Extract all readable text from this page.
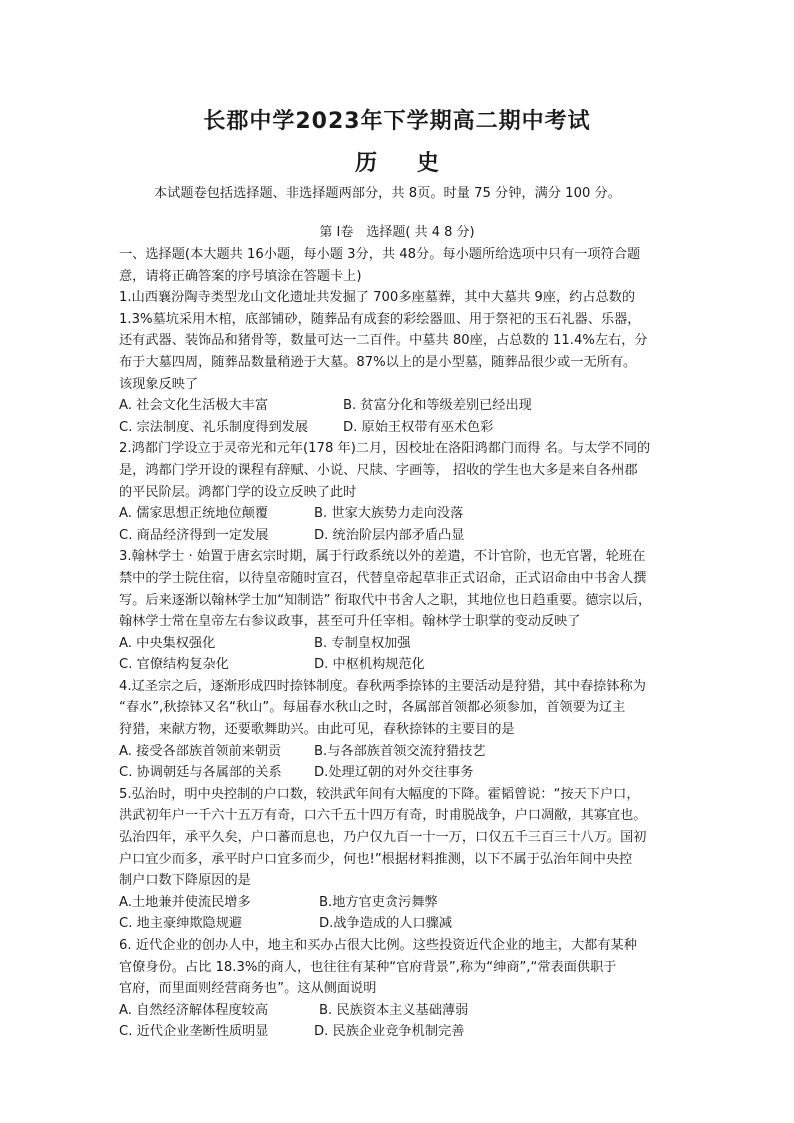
长郡中学2023年下学期高二期中考试
历 史
本试题卷包括选择题、非选择题两部分，共 8页。时量 75 分钟，满分 100 分。
第 Ⅰ卷　选择题( 共 4 8 分)
一、选择题(本大题共 16小题，每小题 3分，共 48分。每小题所给选项中只有一项符合题
意，请将正确答案的序号填涂在答题卡上)
1.山西襄汾陶寺类型龙山文化遗址共发掘了 700多座墓葬，其中大墓共 9座，约占总数的
1.3%墓坑采用木棺，底部铺砂，随葬品有成套的彩绘器皿、用于祭祀的玉石礼器、乐器，
还有武器、装饰品和猪骨等，数量可达一二百件。中墓共 80座，占总数的 11.4%左右，分
布于大墓四周，随葬品数量稍逊于大墓。87%以上的是小型墓，随葬品很少或一无所有。
该现象反映了
A. 社会文化生活极大丰富	B. 贫富分化和等级差别已经出现
C. 宗法制度、礼乐制度得到发展	D. 原始王权带有巫术色彩
2.鸿都门学设立于灵帝光和元年(178 年)二月，因校址在洛阳鸿都门而得 名。与太学不同的
是，鸿都门学开设的课程有辞赋、小说、尺牍、字画等， 招收的学生也大多是来自各州郡
的平民阶层。鸿都门学的设立反映了此时
A. 儒家思想正统地位颠覆	B. 世家大族势力走向没落
C. 商品经济得到一定发展	D. 统治阶层内部矛盾凸显
3.翰林学士 · 始置于唐玄宗时期，属于行政系统以外的差遣，不计官阶，也无官署，轮班在
禁中的学士院住宿，以待皇帝随时宣召，代替皇帝起草非正式诏命，正式诏命由中书舍人撰
写。后来逐渐以翰林学士加“知制诰” 衔取代中书舍人之职，其地位也日趋重要。德宗以后，
翰林学士常在皇帝左右参议政事，甚至可升任宰相。翰林学士职掌的变动反映了
A. 中央集权强化	B. 专制皇权加强
C. 官僚结构复杂化	D. 中枢机构规范化
4.辽圣宗之后，逐渐形成四时捺钵制度。春秋两季捺钵的主要活动是狩猎，其中春捺钵称为
“春水”,秋捺钵又名“秋山”。每届春水秋山之时，各属部首领都必须参加，首领要为辽主
狩猎，来献方物，还要歌舞助兴。由此可见，春秋捺钵的主要目的是
A. 接受各部族首领前来朝贡	B.与各部族首领交流狩猎技艺
C. 协调朝廷与各属部的关系	D.处理辽朝的对外交往事务
5.弘治时，明中央控制的户口数，较洪武年间有大幅度的下降。霍韬曾说：“按天下户口，
洪武初年户一千六十五万有奇，口六千五十四万有奇，时甫脱战争，户口凋敝，其寡宜也。
弘治四年，承平久矣，户口蕃而息也，乃户仅九百一十一万，口仅五千三百三十八万。国初
户口宜少而多，承平时户口宜多而少，何也!”根据材料推测，以下不属于弘治年间中央控
制户口数下降原因的是
A.土地兼并使流民增多	B.地方官吏贪污舞弊
C. 地主豪绅欺隐规避	D.战争造成的人口骤减
6. 近代企业的创办人中，地主和买办占很大比例。这些投资近代企业的地主，大都有某种
官僚身份。占比 18.3%的商人，也往往有某种“官府背景”,称为“绅商”,“常表面供职于
官府，而里面则经营商务也”。这从侧面说明
A. 自然经济解体程度较高	B. 民族资本主义基础薄弱
C. 近代企业垄断性质明显	D. 民族企业竞争机制完善
